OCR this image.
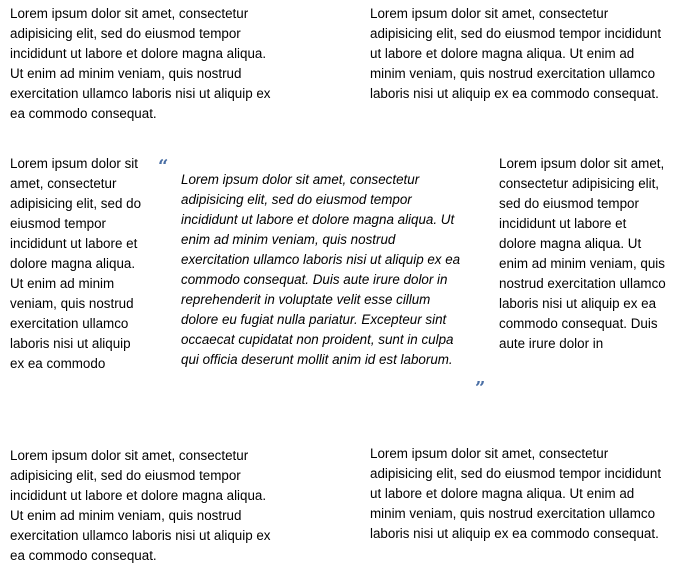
Lorem ipsum dolor sit amet, consectetur adipisicing elit, sed do eiusmod tempor incididunt ut labore et dolore magna aliqua. Ut enim ad minim veniam, quis nostrud exercitation ullamco laboris nisi ut aliquip ex ea commodo consequat.

Lorem ipsum dolor sit amet, consectetur adipisicing elit, sed do eiusmod tempor incididunt ut labore et dolore magna aliqua. Ut enim ad minim veniam, quis nostrud exercitation ullamco laboris nisi ut aliquip ex ea commodo consequat.

Lorem ipsum dolor sit amet, consectetur adipisicing elit, sed do eiusmod tempor incididunt ut labore et dolore magna aliqua. Ut enim ad minim veniam, quis nostrud exercitation ullamco laboris nisi ut aliquip ex ea commodo

“
Lorem ipsum dolor sit amet, consectetur adipisicing elit, sed do eiusmod tempor incididunt ut labore et dolore magna aliqua. Ut enim ad minim veniam, quis nostrud exercitation ullamco laboris nisi ut aliquip ex ea commodo consequat. Duis aute irure dolor in reprehenderit in voluptate velit esse cillum dolore eu fugiat nulla pariatur. Excepteur sint occaecat cupidatat non proident, sunt in culpa qui officia deserunt mollit anim id est laborum.
”

Lorem ipsum dolor sit amet, consectetur adipisicing elit, sed do eiusmod tempor incididunt ut labore et dolore magna aliqua. Ut enim ad minim veniam, quis nostrud exercitation ullamco laboris nisi ut aliquip ex ea commodo consequat. Duis aute irure dolor in

Lorem ipsum dolor sit amet, consectetur adipisicing elit, sed do eiusmod tempor incididunt ut labore et dolore magna aliqua. Ut enim ad minim veniam, quis nostrud exercitation ullamco laboris nisi ut aliquip ex ea commodo consequat.

Lorem ipsum dolor sit amet, consectetur adipisicing elit, sed do eiusmod tempor incididunt ut labore et dolore magna aliqua. Ut enim ad minim veniam, quis nostrud exercitation ullamco laboris nisi ut aliquip ex ea commodo consequat.
